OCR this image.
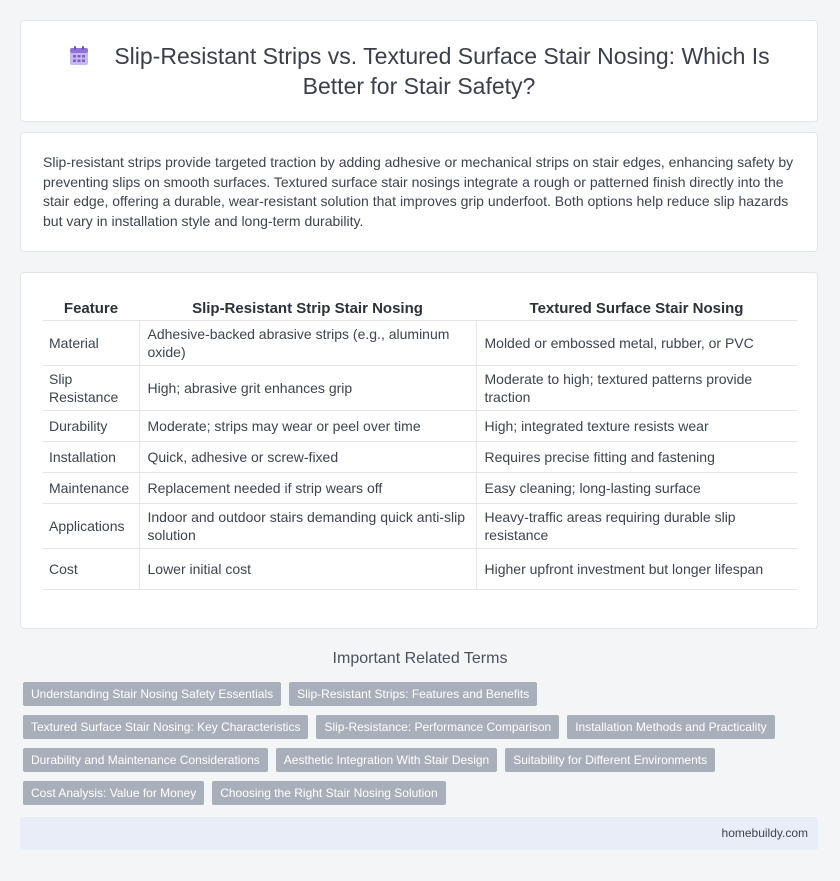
Slip-Resistant Strips vs. Textured Surface Stair Nosing: Which Is Better for Stair Safety?

Slip-resistant strips provide targeted traction by adding adhesive or mechanical strips on stair edges, enhancing safety by preventing slips on smooth surfaces. Textured surface stair nosings integrate a rough or patterned finish directly into the stair edge, offering a durable, wear-resistant solution that improves grip underfoot. Both options help reduce slip hazards but vary in installation style and long-term durability.

Feature	Slip-Resistant Strip Stair Nosing	Textured Surface Stair Nosing
Material	Adhesive-backed abrasive strips (e.g., aluminum oxide)	Molded or embossed metal, rubber, or PVC
Slip Resistance	High; abrasive grit enhances grip	Moderate to high; textured patterns provide traction
Durability	Moderate; strips may wear or peel over time	High; integrated texture resists wear
Installation	Quick, adhesive or screw-fixed	Requires precise fitting and fastening
Maintenance	Replacement needed if strip wears off	Easy cleaning; long-lasting surface
Applications	Indoor and outdoor stairs demanding quick anti-slip solution	Heavy-traffic areas requiring durable slip resistance
Cost	Lower initial cost	Higher upfront investment but longer lifespan
Important Related Terms
Understanding Stair Nosing Safety Essentials	Slip-Resistant Strips: Features and Benefits
Textured Surface Stair Nosing: Key Characteristics	Slip-Resistance: Performance Comparison	Installation Methods and Practicality
Durability and Maintenance Considerations	Aesthetic Integration With Stair Design	Suitability for Different Environments
Cost Analysis: Value for Money	Choosing the Right Stair Nosing Solution
homebuildy.com
